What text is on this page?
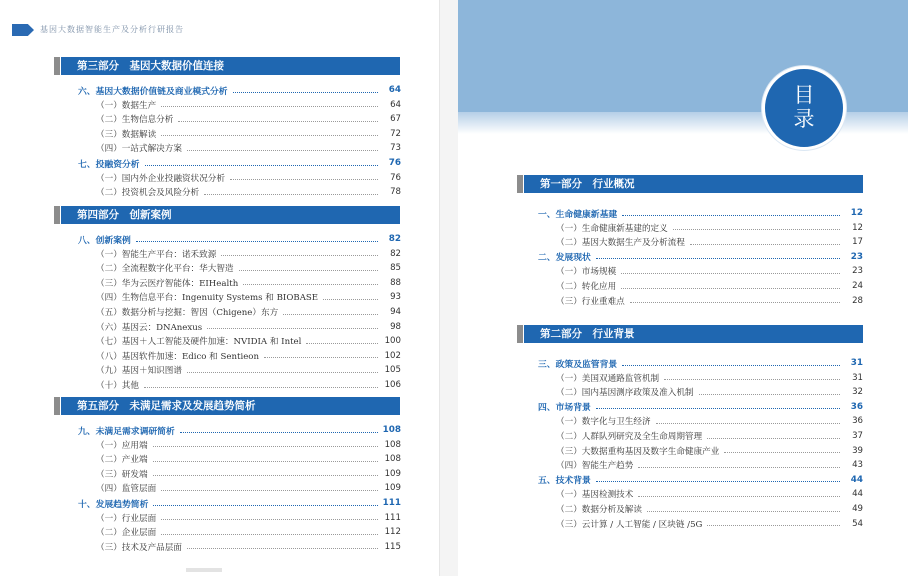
基因大数据智能生产及分析行研报告
第三部分　基因大数据价值连接
六、基因大数据价值链及商业模式分析	64
（一）数据生产	64
（二）生物信息分析	67
（三）数据解读	72
（四）一站式解决方案	73
七、投融资分析	76
（一）国内外企业投融资状况分析	76
（二）投资机会及风险分析	78
第四部分　创新案例
八、创新案例	82
（一）智能生产平台：诺禾致源	82
（二）全流程数字化平台：华大智造	85
（三）华为云医疗智能体：EIHealth	88
（四）生物信息平台：Ingenuity Systems 和 BIOBASE	93
（五）数据分析与挖掘：智因（Chigene）东方	94
（六）基因云：DNAnexus	98
（七）基因＋人工智能及硬件加速：NVIDIA 和 Intel	100
（八）基因软件加速：Edico 和 Sentieon	102
（九）基因＋知识图谱	105
（十）其他	106
第五部分　未满足需求及发展趋势简析
九、未满足需求调研简析	108
（一）应用端	108
（二）产业端	108
（三）研发端	109
（四）监管层面	109
十、发展趋势简析	111
（一）行业层面	111
（二）企业层面	112
（三）技术及产品层面	115
目
录
第一部分　行业概况
一、生命健康新基建	12
（一）生命健康新基建的定义	12
（二）基因大数据生产及分析流程	17
二、发展现状	23
（一）市场规模	23
（二）转化应用	24
（三）行业重难点	28
第二部分　行业背景
三、政策及监管背景	31
（一）美国双通路监管机制	31
（二）国内基因测序政策及准入机制	32
四、市场背景	36
（一）数字化与卫生经济	36
（二）人群队列研究及全生命周期管理	37
（三）大数据重构基因及数字生命健康产业	39
（四）智能生产趋势	43
五、技术背景	44
（一）基因检测技术	44
（二）数据分析及解读	49
（三）云计算 / 人工智能 / 区块链 /5G	54
